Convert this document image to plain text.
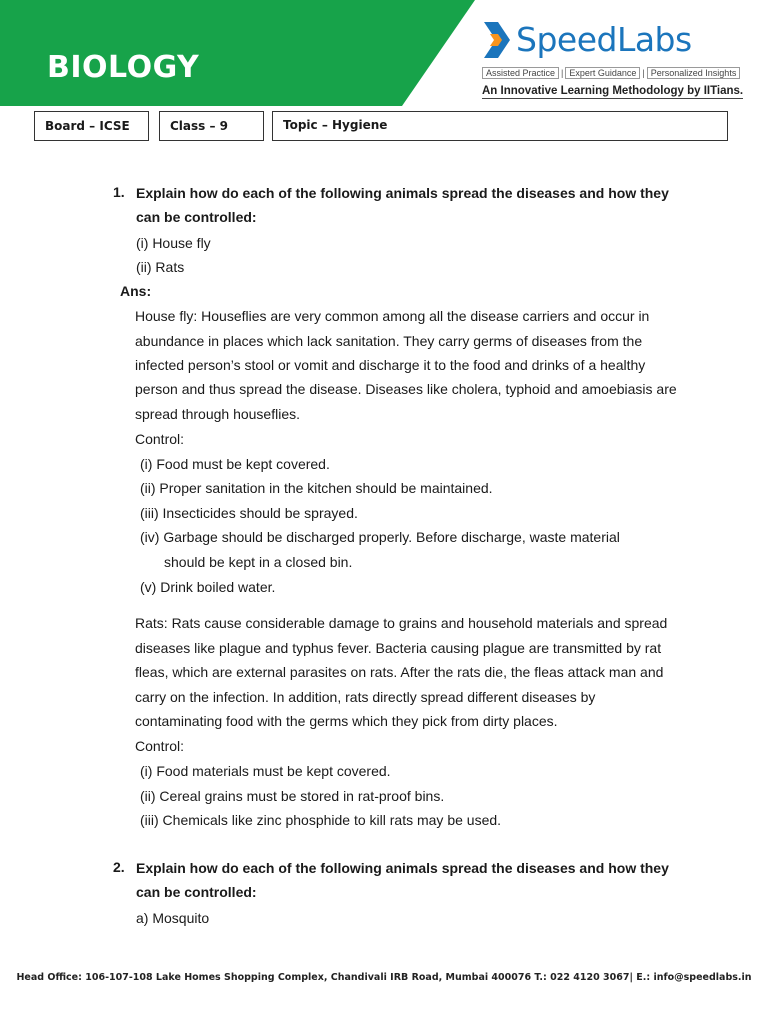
BIOLOGY
SpeedLabs
Assisted Practice | Expert Guidance | Personalized Insights
An Innovative Learning Methodology by IITians.
Board – ICSE	Class – 9	Topic – Hygiene
1. Explain how do each of the following animals spread the diseases and how they
can be controlled:
(i) House fly
(ii) Rats
Ans:
House fly: Houseflies are very common among all the disease carriers and occur in
abundance in places which lack sanitation. They carry germs of diseases from the
infected person’s stool or vomit and discharge it to the food and drinks of a healthy
person and thus spread the disease. Diseases like cholera, typhoid and amoebiasis are
spread through houseflies.
Control:
(i) Food must be kept covered.
(ii) Proper sanitation in the kitchen should be maintained.
(iii) Insecticides should be sprayed.
(iv) Garbage should be discharged properly. Before discharge, waste material
should be kept in a closed bin.
(v) Drink boiled water.
Rats: Rats cause considerable damage to grains and household materials and spread
diseases like plague and typhus fever. Bacteria causing plague are transmitted by rat
fleas, which are external parasites on rats. After the rats die, the fleas attack man and
carry on the infection. In addition, rats directly spread different diseases by
contaminating food with the germs which they pick from dirty places.
Control:
(i) Food materials must be kept covered.
(ii) Cereal grains must be stored in rat-proof bins.
(iii) Chemicals like zinc phosphide to kill rats may be used.
2. Explain how do each of the following animals spread the diseases and how they
can be controlled:
a) Mosquito
Head Office: 106-107-108 Lake Homes Shopping Complex, Chandivali IRB Road, Mumbai 400076 T.: 022 4120 3067| E.: info@speedlabs.in
